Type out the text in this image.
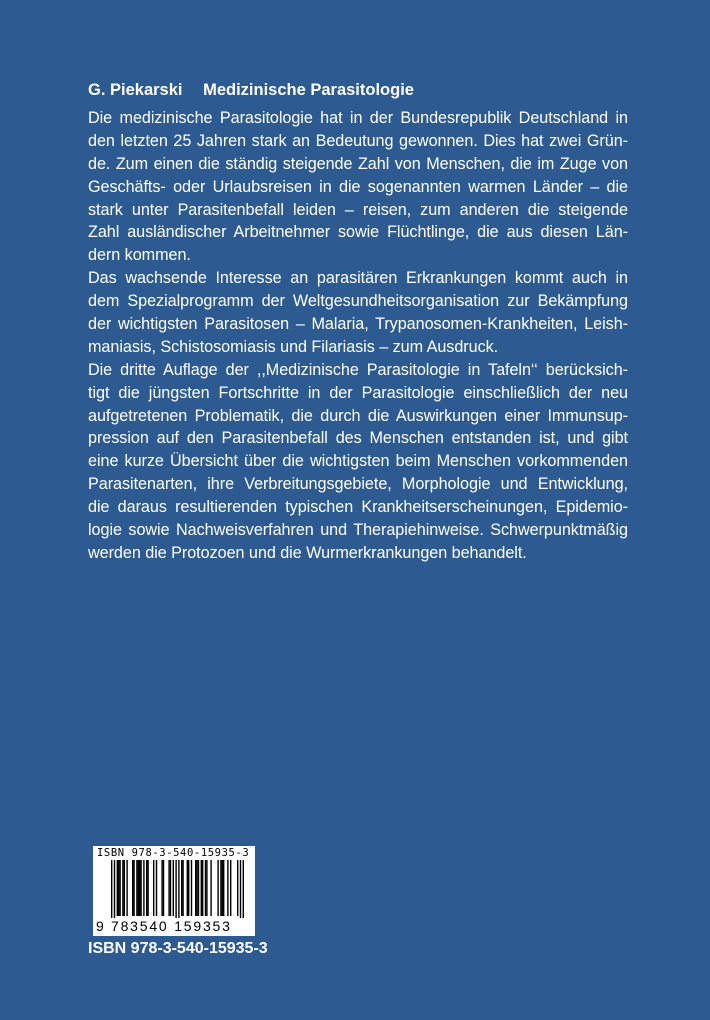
G. Piekarski Medizinische Parasitologie
Die medizinische Parasitologie hat in der Bundesrepublik Deutschland in
den letzten 25 Jahren stark an Bedeutung gewonnen. Dies hat zwei Grün-
de. Zum einen die ständig steigende Zahl von Menschen, die im Zuge von
Geschäfts- oder Urlaubsreisen in die sogenannten warmen Länder – die
stark unter Parasitenbefall leiden – reisen, zum anderen die steigende
Zahl ausländischer Arbeitnehmer sowie Flüchtlinge, die aus diesen Län-
dern kommen.
Das wachsende Interesse an parasitären Erkrankungen kommt auch in
dem Spezialprogramm der Weltgesundheitsorganisation zur Bekämpfung
der wichtigsten Parasitosen – Malaria, Trypanosomen-Krankheiten, Leish-
maniasis, Schistosomiasis und Filariasis – zum Ausdruck.
Die dritte Auflage der ,,Medizinische Parasitologie in Tafeln‘‘ berücksich-
tigt die jüngsten Fortschritte in der Parasitologie einschließlich der neu
aufgetretenen Problematik, die durch die Auswirkungen einer Immunsup-
pression auf den Parasitenbefall des Menschen entstanden ist, und gibt
eine kurze Übersicht über die wichtigsten beim Menschen vorkommenden
Parasitenarten, ihre Verbreitungsgebiete, Morphologie und Entwicklung,
die daraus resultierenden typischen Krankheitserscheinungen, Epidemio-
logie sowie Nachweisverfahren und Therapiehinweise. Schwerpunktmäßig
werden die Protozoen und die Wurmerkrankungen behandelt.
ISBN 978-3-540-15935-3
9 783540 159353
ISBN 978-3-540-15935-3
